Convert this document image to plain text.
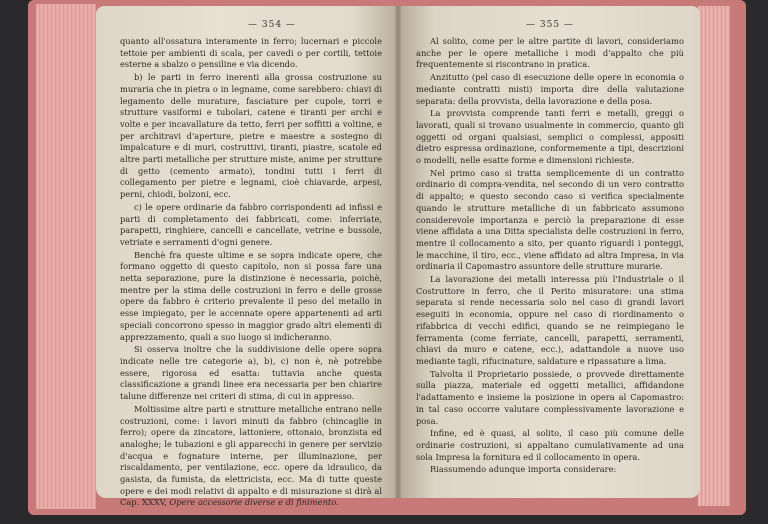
— 354 —

quanto all'ossatura interamente in ferro; lucernari e piccole tettoie per ambienti di scala, per cavedi o per cortili, tettoie esterne a sbalzo o pensiline e via dicendo.

b) le parti in ferro inerenti alla grossa costruzione su muraria che in pietra o in legname, come sarebbero: chiavi di legamento delle murature, fasciature per cupole, torri e strutture vasiformi e tubolari, catene e tiranti per archi e volte e per incavallature da tetto, ferri per soffitti a voltine, e per architravi d'aperture, pietre e maestre a sostegno di impalcature e di muri, costruttivi, tiranti, piastre, scatole ed altre parti metalliche per strutture miste, anime per strutture di getto (cemento armato), tondini tutti i ferri di collegamento per pietre e legnami, cioè chiavarde, arpesi, perni, chiodi, bolzoni, ecc.

c) le opere ordinarie da fabbro corrispondenti ad infissi e parti di completamento dei fabbricati, come: inferriate, parapetti, ringhiere, cancelli e cancellate, vetrine e bussole, vetriate e serramenti d'ogni genere.

Benchè fra queste ultime e se sopra indicate opere, che formano oggetto di questo capitolo, non si possa fare una netta separazione, pure la distinzione è necessaria, poichè, mentre per la stima delle costruzioni in ferro e delle grosse opere da fabbro è criterio prevalente il peso del metallo in esse impiegato, per le accennate opere appartenenti ad arti speciali concorrono spesso in maggior grado altri elementi di apprezzamento, quali a suo luogo si indicheranno.

Si osserva inoltre che la suddivisione delle opere sopra indicate nelle tre categorie a), b), c) non è, nè potrebbe essere, rigorosa ed esatta: tuttavia anche questa classificazione a grandi linee era necessaria per ben chiarire talune differenze nei criteri di stima, di cui in appresso.

Moltissime altre parti e strutture metalliche entrano nelle costruzioni, come: i lavori minuti da fabbro (chincaglie in ferro); opere da zincatore, lattoniere, ottonaio, bronzista ed analoghe; le tubazioni e gli apparecchi in genere per servizio d'acqua e fognature interne, per illuminazione, per riscaldamento, per ventilazione, ecc. opere da idraulico, da gasista, da fumista, da elettricista, ecc. Ma di tutte queste opere e dei modi relativi di appalto e di misurazione si dirà al Cap. XXXV, Opere accessorie diverse e di finimento.

— 355 —

Al solito, come per le altre partite di lavori, consideriamo anche per le opere metalliche i modi d'appalto che più frequentemente si riscontrano in pratica.

Anzitutto (pel caso di esecuzione delle opere in economia o mediante contratti misti) importa dire della valutazione separata: della provvista, della lavorazione e della posa.

La provvista comprende tanti ferri e metalli, greggi o lavorati, quali si trovano usualmente in commercio, quanto gli oggetti od organi qualsiasi, semplici o complessi, appositi dietro espressa ordinazione, conformemente a tipi, descrizioni o modelli, nelle esatte forme e dimensioni richieste.

Nel primo caso si tratta semplicemente di un contratto ordinario di compra-vendita, nel secondo di un vero contratto di appalto; e questo secondo caso si verifica specialmente quando le strutture metalliche di un fabbricato assumono considerevole importanza e perciò la preparazione di esse viene affidata a una Ditta specialista delle costruzioni in ferro, mentre il collocamento a sito, per quanto riguardi i ponteggi, le macchine, il tiro, ecc., viene affidato ad altra Impresa, in via ordinaria il Capomastro assuntore delle strutture murarie.

La lavorazione dei metalli interessa più l'Industriale o il Costruttore in ferro, che il Perito misuratore: una stima separata si rende necessaria solo nel caso di grandi lavori eseguiti in economia, oppure nel caso di riordinamento o rifabbrica di vecchi edifici, quando se ne reimpiegano le ferramenta (come ferriate, cancelli, parapetti, serramenti, chiavi da muro e catene, ecc.), adattandole a nuove uso mediante tagli, rifucinature, saldature e ripassature a lima.

Talvolta il Proprietario possiede, o provvede direttamente sulla piazza, materiale ed oggetti metallici, affidandone l'adattamento e insieme la posizione in opera al Capomastro: in tal caso occorre valutare complessivamente lavorazione e posa.

Infine, ed è quasi, al solito, il caso più comune delle ordinarie costruzioni, si appaltano cumulativamente ad una sola Impresa la fornitura ed il collocamento in opera.

Riassumendo adunque importa considerare:
